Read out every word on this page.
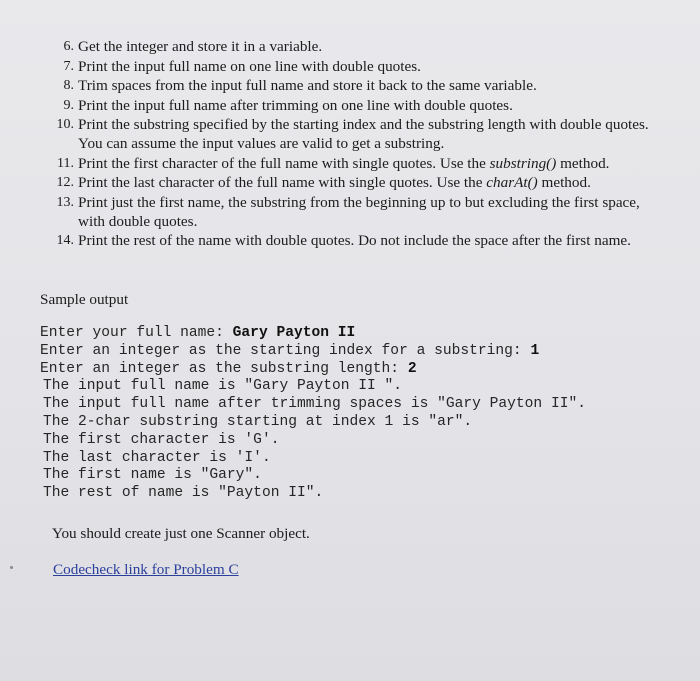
6. Get the integer and store it in a variable.
7. Print the input full name on one line with double quotes.
8. Trim spaces from the input full name and store it back to the same variable.
9. Print the input full name after trimming on one line with double quotes.
10. Print the substring specified by the starting index and the substring length with double quotes. You can assume the input values are valid to get a substring.
11. Print the first character of the full name with single quotes. Use the substring() method.
12. Print the last character of the full name with single quotes. Use the charAt() method.
13. Print just the first name, the substring from the beginning up to but excluding the first space, with double quotes.
14. Print the rest of the name with double quotes. Do not include the space after the first name.
Sample output
Enter your full name: Gary Payton II
Enter an integer as the starting index for a substring: 1
Enter an integer as the substring length: 2
The input full name is "Gary Payton II ".
The input full name after trimming spaces is "Gary Payton II".
The 2-char substring starting at index 1 is "ar".
The first character is 'G'.
The last character is 'I'.
The first name is "Gary".
The rest of name is "Payton II".
You should create just one Scanner object.
Codecheck link for Problem C
